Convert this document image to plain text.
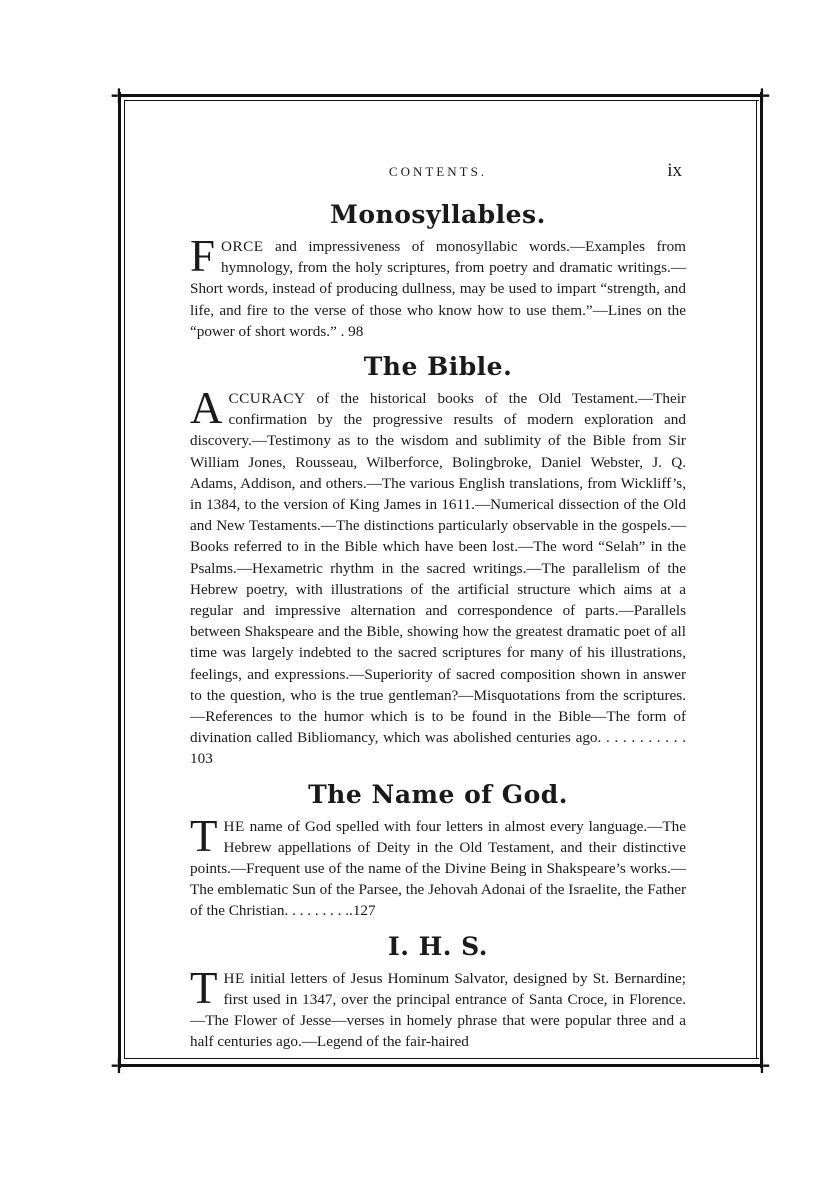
✛	✛
✛	✛
CONTENTS.	ix
Monosyllables.

FORCE and impressiveness of monosyllabic words.—Examples from hymnology, from the holy scriptures, from poetry and dramatic writings.—Short words, instead of producing dullness, may be used to impart “strength, and life, and fire to the verse of those who know how to use them.”—Lines on the “power of short words.” . 98

The Bible.

ACCURACY of the historical books of the Old Testament.—Their confirmation by the progressive results of modern exploration and discovery.—Testimony as to the wisdom and sublimity of the Bible from Sir William Jones, Rousseau, Wilberforce, Bolingbroke, Daniel Webster, J. Q. Adams, Addison, and others.—The various English translations, from Wickliff’s, in 1384, to the version of King James in 1611.—Numerical dissection of the Old and New Testaments.—The distinctions particularly observable in the gospels.—Books referred to in the Bible which have been lost.—The word “Selah” in the Psalms.—Hexametric rhythm in the sacred writings.—The parallelism of the Hebrew poetry, with illustrations of the artificial structure which aims at a regular and impressive alternation and correspondence of parts.—Parallels between Shakspeare and the Bible, showing how the greatest dramatic poet of all time was largely indebted to the sacred scriptures for many of his illustrations, feelings, and expressions.—Superiority of sacred composition shown in answer to the question, who is the true gentleman?—Misquotations from the scriptures.—References to the humor which is to be found in the Bible—The form of divination called Bibliomancy, which was abolished centuries ago. . . . . . . . . . . 103

The Name of God.

THE name of God spelled with four letters in almost every language.—The Hebrew appellations of Deity in the Old Testament, and their distinctive points.—Frequent use of the name of the Divine Being in Shakspeare’s works.—The emblematic Sun of the Parsee, the Jehovah Adonai of the Israelite, the Father of the Christian. . . . . . . . ..127

I. H. S.

THE initial letters of Jesus Hominum Salvator, designed by St. Bernardine; first used in 1347, over the principal entrance of Santa Croce, in Florence.—The Flower of Jesse—verses in homely phrase that were popular three and a half centuries ago.—Legend of the fair-haired
